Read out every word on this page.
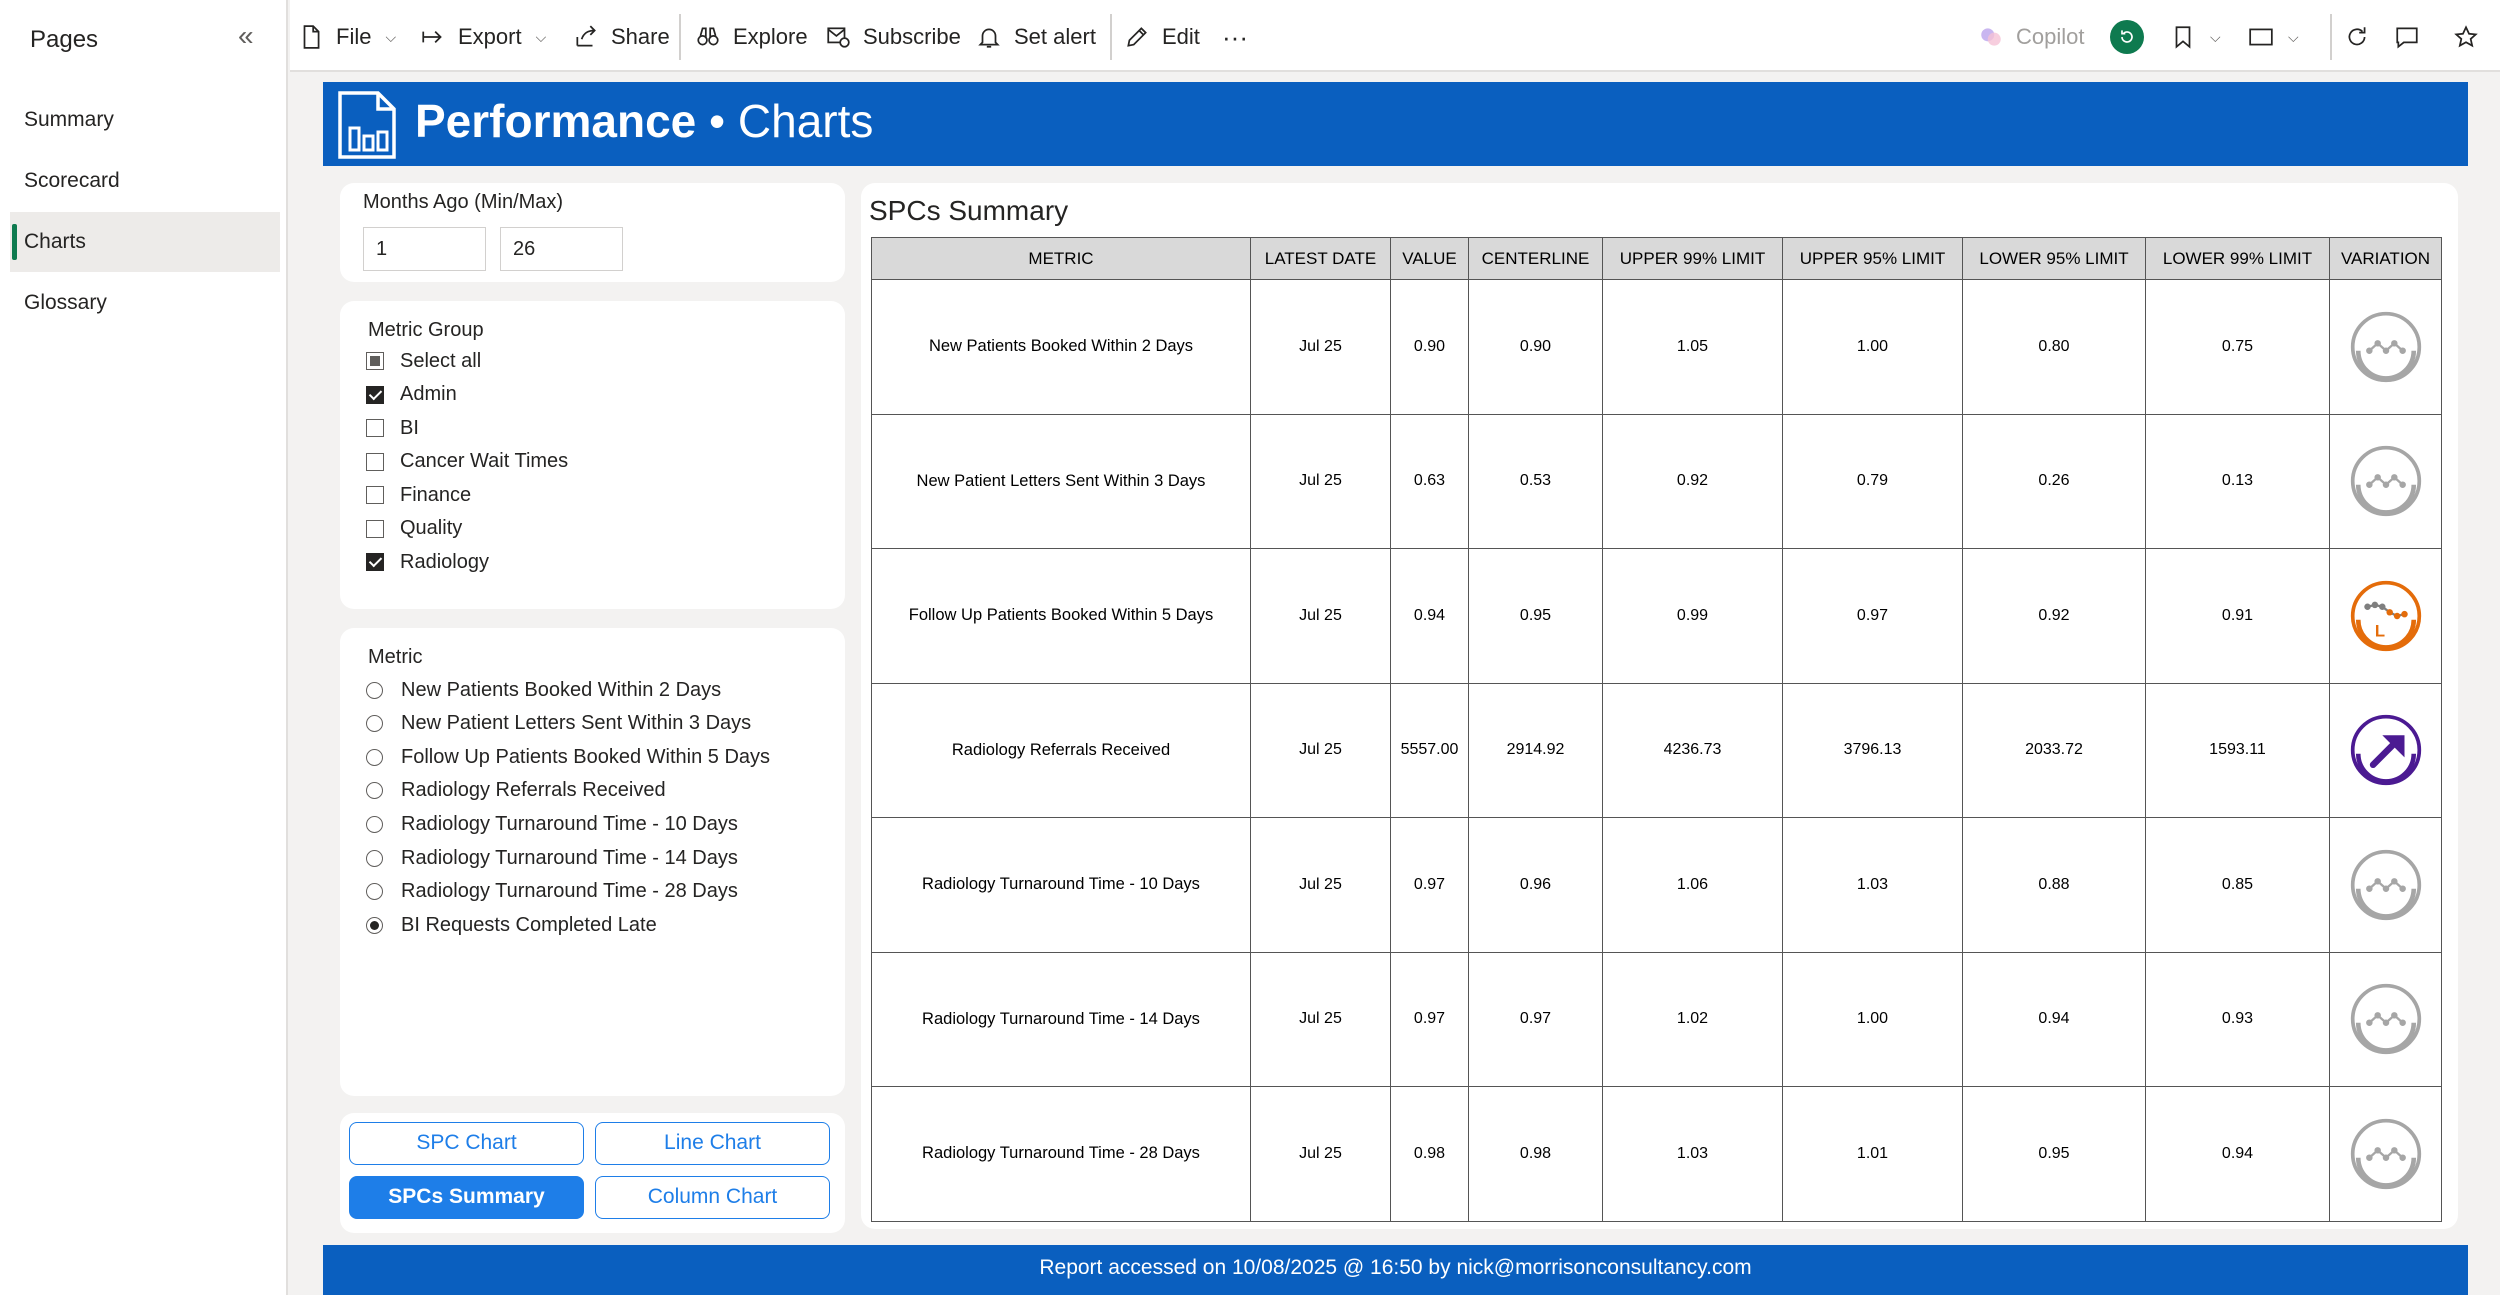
Pages	«
Summary
Scorecard
Charts
Glossary
File ⌵	Export ⌵	Share	Explore	Subscribe Set alert	Edit ···	Copilot	⌵	⌵
Performance • Charts
Months Ago (Min/Max)
1	26
Metric Group
Select all
Admin
BI
Cancer Wait Times
Finance
Quality
Radiology
Metric
New Patients Booked Within 2 Days
New Patient Letters Sent Within 3 Days
Follow Up Patients Booked Within 5 Days
Radiology Referrals Received
Radiology Turnaround Time - 10 Days
Radiology Turnaround Time - 14 Days
Radiology Turnaround Time - 28 Days
BI Requests Completed Late
SPC Chart	Line Chart
SPCs Summary	Column Chart
SPCs Summary
METRIC	LATEST DATE	VALUE	CENTERLINE	UPPER 99% LIMIT	UPPER 95% LIMIT	LOWER 95% LIMIT	LOWER 99% LIMIT	VARIATION
New Patients Booked Within 2 Days	Jul 25	0.90	0.90	1.05	1.00	0.80	0.75	

New Patient Letters Sent Within 3 Days	Jul 25	0.63	0.53	0.92	0.79	0.26	0.13	

Follow Up Patients Booked Within 5 Days	Jul 25	0.94	0.95	0.99	0.97	0.92	0.91	L

Radiology Referrals Received	Jul 25	5557.00	2914.92	4236.73	3796.13	2033.72	1593.11	

Radiology Turnaround Time - 10 Days	Jul 25	0.97	0.96	1.06	1.03	0.88	0.85	

Radiology Turnaround Time - 14 Days	Jul 25	0.97	0.97	1.02	1.00	0.94	0.93	

Radiology Turnaround Time - 28 Days	Jul 25	0.98	0.98	1.03	1.01	0.95	0.94	
Report accessed on 10/08/2025 @ 16:50 by nick@morrisonconsultancy.com
